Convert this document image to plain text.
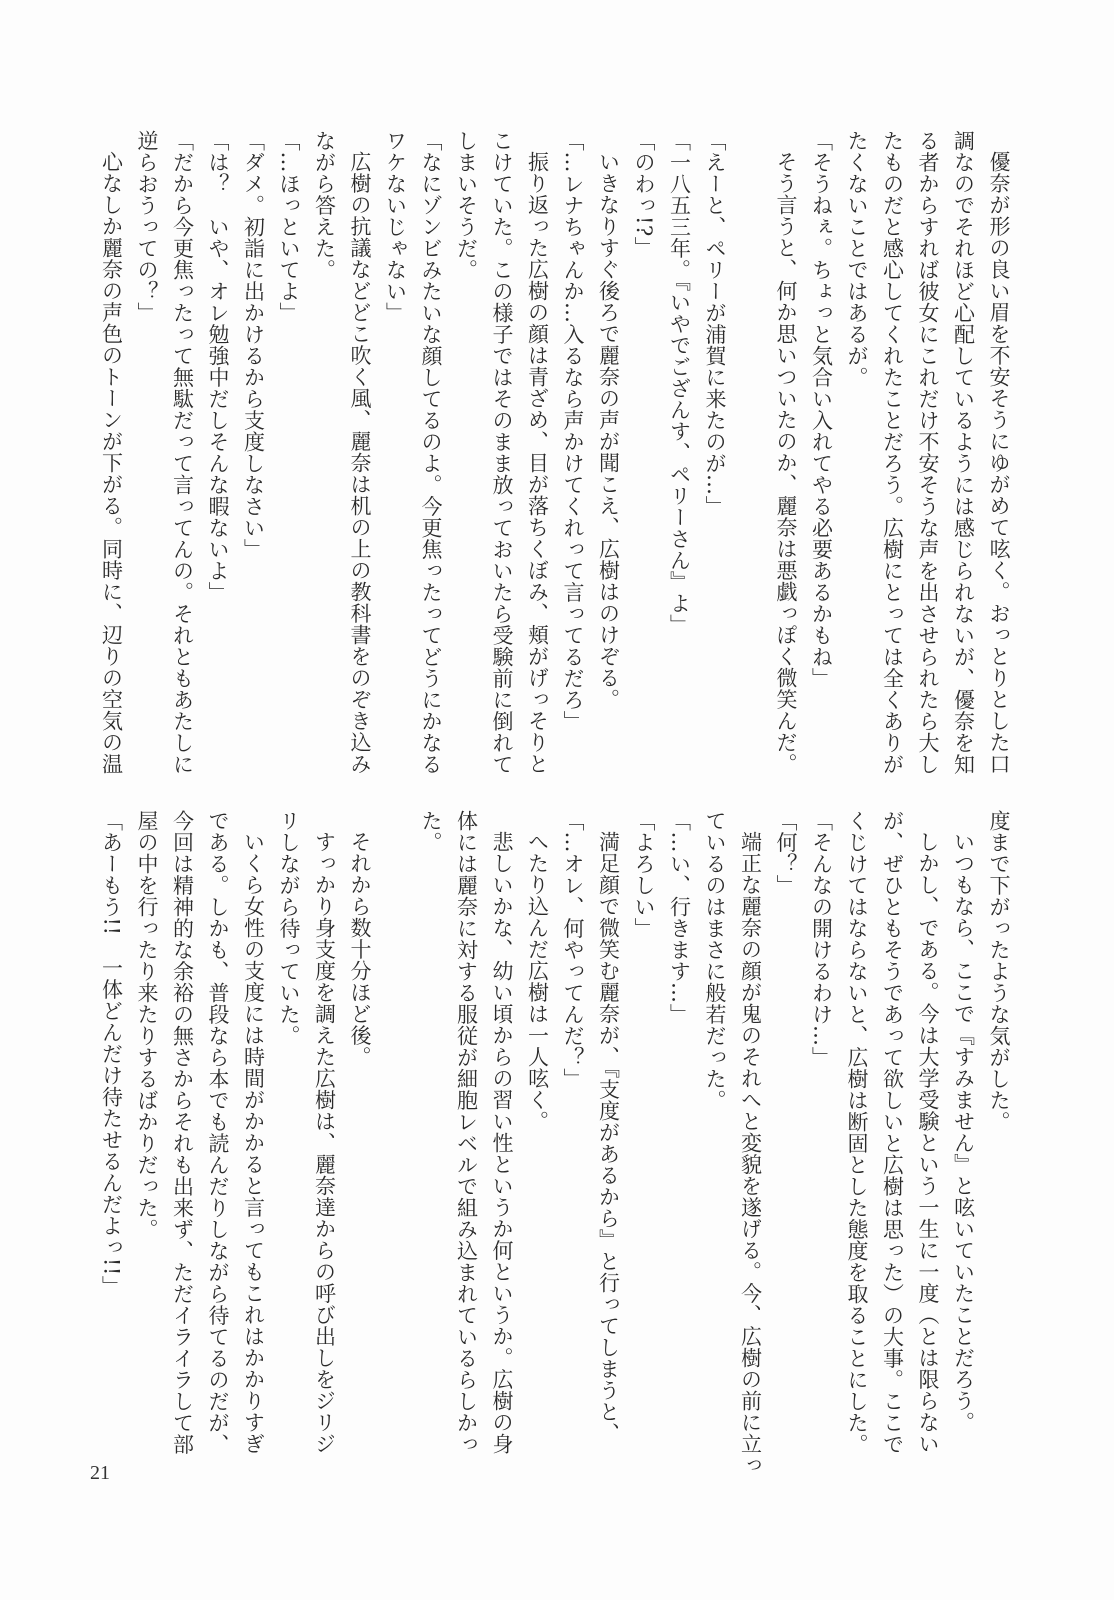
優奈が形の良い眉を不安そうにゆがめて呟く。おっとりとした口

調なのでそれほど心配しているようには感じられないが、優奈を知

る者からすれば彼女にこれだけ不安そうな声を出させられたら大し

たものだと感心してくれたことだろう。広樹にとっては全くありが

たくないことではあるが。

「そうねぇ。ちょっと気合い入れてやる必要あるかもね」

そう言うと、何か思いついたのか、麗奈は悪戯っぽく微笑んだ。

「えーと、ペリーが浦賀に来たのが…」

「一八五三年。『いやでござんす、ペリーさん』よ」

「のわっ!?」

いきなりすぐ後ろで麗奈の声が聞こえ、広樹はのけぞる。

「…レナちゃんか…入るなら声かけてくれって言ってるだろ」

振り返った広樹の顔は青ざめ、目が落ちくぼみ、頬がげっそりと

こけていた。この様子ではそのまま放っておいたら受験前に倒れて

しまいそうだ。

「なにゾンビみたいな顔してるのよ。今更焦ったってどうにかなる

ワケないじゃない」

広樹の抗議などどこ吹く風、麗奈は机の上の教科書をのぞき込み

ながら答えた。

「…ほっといてよ」

「ダメ。初詣に出かけるから支度しなさい」

「は？　いや、オレ勉強中だしそんな暇ないよ」

「だから今更焦ったって無駄だって言ってんの。それともあたしに

逆らおうっての？」

心なしか麗奈の声色のトーンが下がる。同時に、辺りの空気の温

度まで下がったような気がした。

いつもなら、ここで『すみません』と呟いていたことだろう。

しかし、である。今は大学受験という一生に一度（とは限らない

が、ぜひともそうであって欲しいと広樹は思った）の大事。ここで

くじけてはならないと、広樹は断固とした態度を取ることにした。

「そんなの開けるわけ…」

「何？」

端正な麗奈の顔が鬼のそれへと変貌を遂げる。今、広樹の前に立っ

ているのはまさに般若だった。

「…い、行きます…」

「よろしい」

満足顔で微笑む麗奈が、『支度があるから』と行ってしまうと、

「…オレ、何やってんだ？」

へたり込んだ広樹は一人呟く。

悲しいかな、幼い頃からの習い性というか何というか。広樹の身

体には麗奈に対する服従が細胞レベルで組み込まれているらしかっ

た。

それから数十分ほど後。

すっかり身支度を調えた広樹は、麗奈達からの呼び出しをジリジ

リしながら待っていた。

いくら女性の支度には時間がかかると言ってもこれはかかりすぎ

である。しかも、普段なら本でも読んだりしながら待てるのだが、

今回は精神的な余裕の無さからそれも出来ず、ただイライラして部

屋の中を行ったり来たりするばかりだった。

「あーもう!!　一体どんだけ待たせるんだよっ!!」

21
